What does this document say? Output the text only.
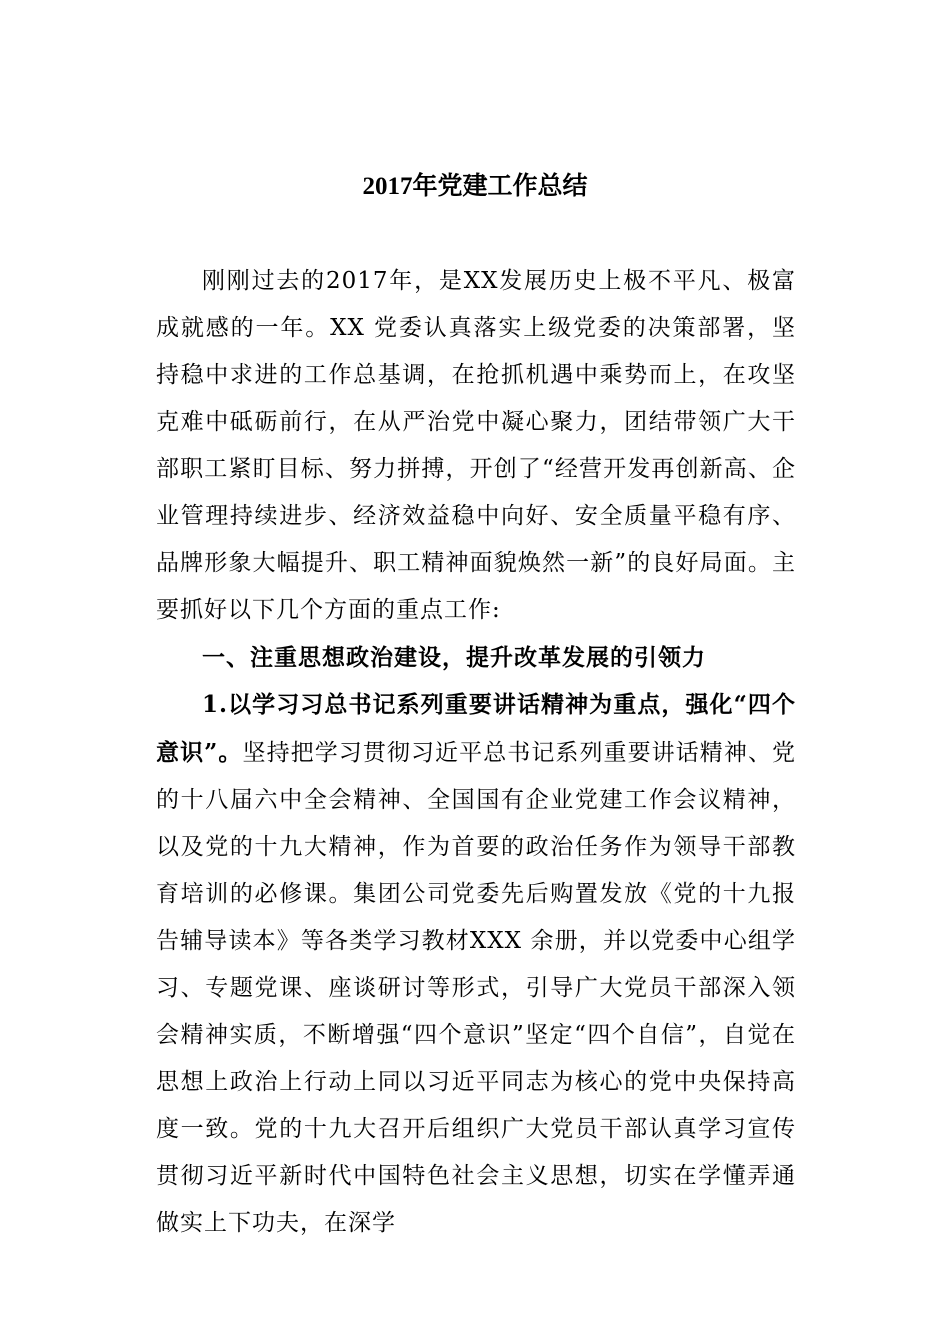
2017年党建工作总结

刚刚过去的2017年，是XX发展历史上极不平凡、极富成就感的一年。XX 党委认真落实上级党委的决策部署，坚持稳中求进的工作总基调，在抢抓机遇中乘势而上，在攻坚克难中砥砺前行，在从严治党中凝心聚力，团结带领广大干部职工紧盯目标、努力拼搏，开创了“经营开发再创新高、企业管理持续进步、经济效益稳中向好、安全质量平稳有序、品牌形象大幅提升、职工精神面貌焕然一新”的良好局面。主要抓好以下几个方面的重点工作:

一、注重思想政治建设，提升改革发展的引领力

1.以学习习总书记系列重要讲话精神为重点，强化“四个意识”。坚持把学习贯彻习近平总书记系列重要讲话精神、党的十八届六中全会精神、全国国有企业党建工作会议精神，以及党的十九大精神，作为首要的政治任务作为领导干部教育培训的必修课。集团公司党委先后购置发放《党的十九报告辅导读本》等各类学习教材XXX 余册，并以党委中心组学习、专题党课、座谈研讨等形式，引导广大党员干部深入领会精神实质，不断增强“四个意识”坚定“四个自信”，自觉在思想上政治上行动上同以习近平同志为核心的党中央保持高度一致。党的十九大召开后组织广大党员干部认真学习宣传贯彻习近平新时代中国特色社会主义思想，切实在学懂弄通做实上下功夫，在深学
